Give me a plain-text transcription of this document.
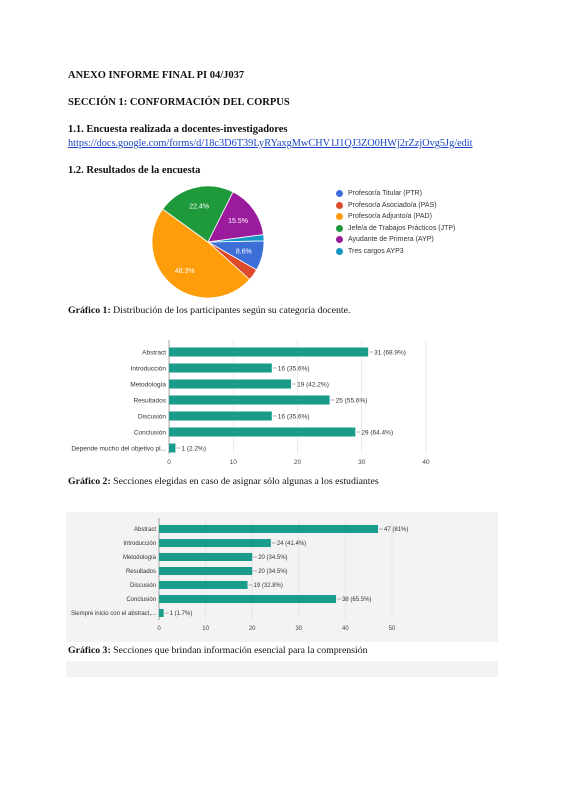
ANEXO INFORME FINAL PI 04/J037
SECCIÓN 1: CONFORMACIÓN DEL CORPUS
1.1. Encuesta realizada a docentes-investigadores
https://docs.google.com/forms/d/18c3D6T39LyRYaxgMwCHV1J1QJ3ZO0HWj2rZzjOvg5Jg/edit
1.2. Resultados de la encuesta
8.6%
48.3%
22.4%
15.5%
Profesor/a Titular (PTR)
Profesor/a Asociado/a (PAS)
Profesor/a Adjunto/a (PAD)
Jefe/a de Trabajos Prácticos (JTP)
Ayudante de Primera (AYP)
Tres cargos AYP3
Gráfico 1: Distribución de los participantes según su categoría docente.
0	10	20	30	40
Abstract	31 (68.9%)
Introducción	16 (35.6%)
Metodología	19 (42.2%)
Resultados	25 (55.6%)
Discusión	16 (35.6%)
Conclusión	29 (64.4%)
Depende mucho del objetivo pl... 1 (2.2%)
Gráfico 2: Secciones elegidas en caso de asignar sólo algunas a los estudiantes
0	10	20	30	40	50
Abstract	47 (81%)
Introducción	24 (41.4%)
Metodología	20 (34.5%)
Resultados	20 (34.5%)
Discusión	19 (32.8%)
Conclusión	38 (65.5%)
Siempre inicio con el abstract,... 1 (1.7%)
Gráfico 3: Secciones que brindan información esencial para la comprensión
